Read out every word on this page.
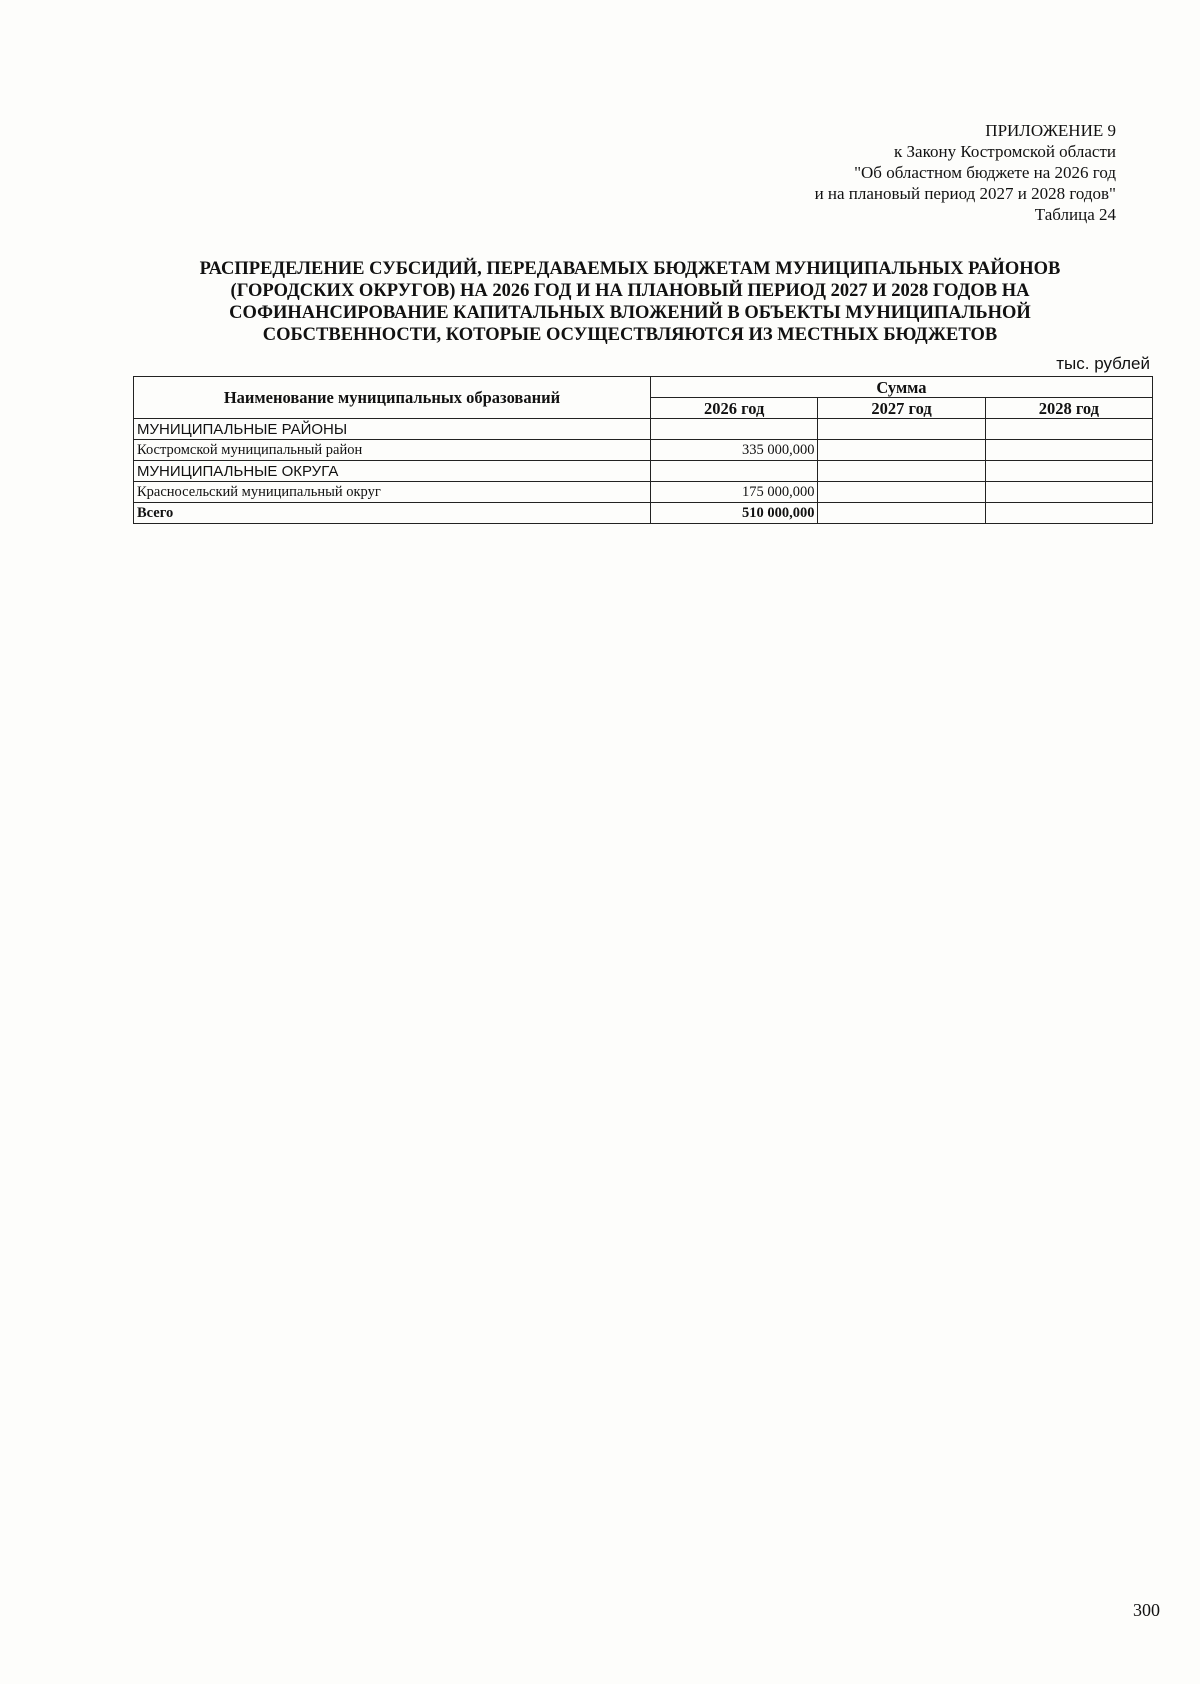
ПРИЛОЖЕНИЕ 9
к Закону Костромской области
"Об областном бюджете на 2026 год
и на плановый период 2027 и 2028 годов"
Таблица 24
РАСПРЕДЕЛЕНИЕ СУБСИДИЙ, ПЕРЕДАВАЕМЫХ БЮДЖЕТАМ МУНИЦИПАЛЬНЫХ РАЙОНОВ
(ГОРОДСКИХ ОКРУГОВ) НА 2026 ГОД И НА ПЛАНОВЫЙ ПЕРИОД 2027 И 2028 ГОДОВ НА
СОФИНАНСИРОВАНИЕ КАПИТАЛЬНЫХ ВЛОЖЕНИЙ В ОБЪЕКТЫ МУНИЦИПАЛЬНОЙ
СОБСТВЕННОСТИ, КОТОРЫЕ ОСУЩЕСТВЛЯЮТСЯ ИЗ МЕСТНЫХ БЮДЖЕТОВ
тыс. рублей
Наименование муниципальных образований	Сумма		
	2026 год	2027 год	2028 год
МУНИЦИПАЛЬНЫЕ РАЙОНЫ			
Костромской муниципальный район	335 000,000		
МУНИЦИПАЛЬНЫЕ ОКРУГА			
Красносельский муниципальный округ	175 000,000		
Всего	510 000,000		
300
